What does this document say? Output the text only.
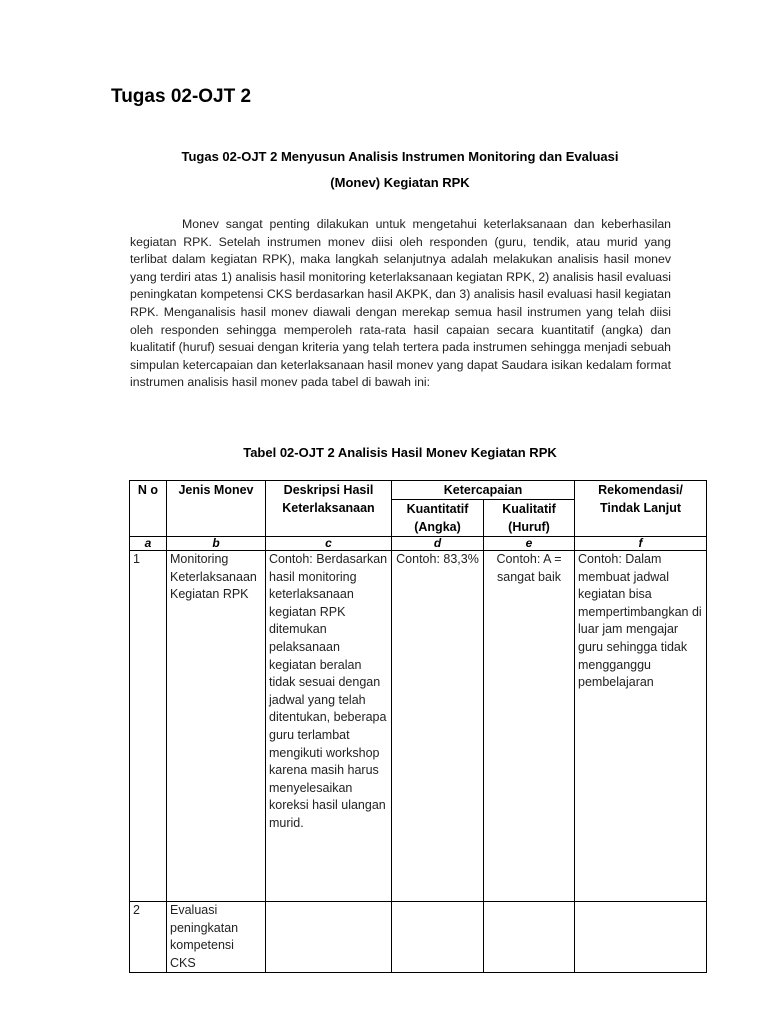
Tugas 02-OJT 2
Tugas 02-OJT 2 Menyusun Analisis Instrumen Monitoring dan Evaluasi
(Monev) Kegiatan RPK

Monev sangat penting dilakukan untuk mengetahui keterlaksanaan dan keberhasilan kegiatan RPK. Setelah instrumen monev diisi oleh responden (guru, tendik, atau murid yang terlibat dalam kegiatan RPK), maka langkah selanjutnya adalah melakukan analisis hasil monev yang terdiri atas 1) analisis hasil monitoring keterlaksanaan kegiatan RPK, 2) analisis hasil evaluasi peningkatan kompetensi CKS berdasarkan hasil AKPK, dan 3) analisis hasil evaluasi hasil kegiatan RPK. Menganalisis hasil monev diawali dengan merekap semua hasil instrumen yang telah diisi oleh responden sehingga memperoleh rata-rata hasil capaian secara kuantitatif (angka) dan kualitatif (huruf) sesuai dengan kriteria yang telah tertera pada instrumen sehingga menjadi sebuah simpulan ketercapaian dan keterlaksanaan hasil monev yang dapat Saudara isikan kedalam format instrumen analisis hasil monev pada tabel di bawah ini:

Tabel 02-OJT 2 Analisis Hasil Monev Kegiatan RPK
N o	Jenis Monev	Deskripsi Hasil Keterlaksanaan	Ketercapaian		Rekomendasi/ Tindak Lanjut
			Kuantitatif (Angka)	Kualitatif (Huruf)	
a	b	c	d	e	f
1	Monitoring Keterlaksanaan Kegiatan RPK	Contoh: Berdasarkan hasil monitoring keterlaksanaan kegiatan RPK ditemukan pelaksanaan kegiatan beralan tidak sesuai dengan jadwal yang telah ditentukan, beberapa guru terlambat mengikuti workshop karena masih harus menyelesaikan koreksi hasil ulangan murid.	Contoh: 83,3%	Contoh: A = sangat baik	Contoh: Dalam membuat jadwal kegiatan bisa mempertimbangkan di luar jam mengajar guru sehingga tidak mengganggu pembelajaran
2	Evaluasi peningkatan kompetensi CKS				
